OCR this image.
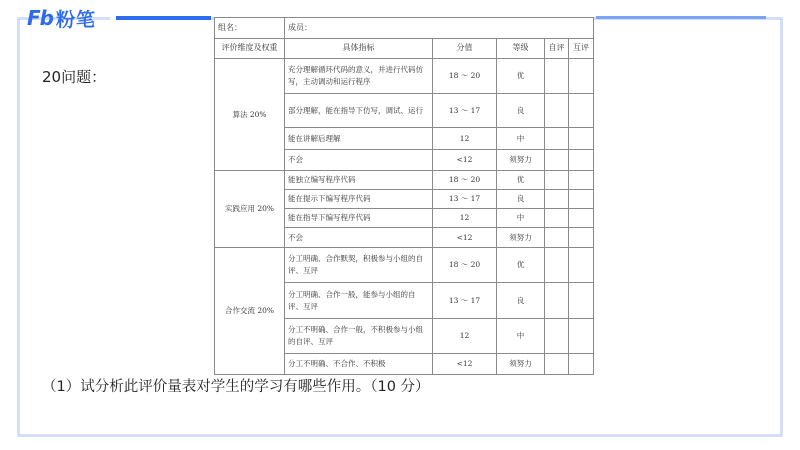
Fb 粉笔
20问题：
组名：	成员：				
评价维度及权重	具体指标	分值	等级	自评	互评
算法 20%	充分理解循环代码的意义，并进行代码仿写，主动调动和运行程序	18 ～ 20	优		
	部分理解，能在指导下仿写，调试、运行	13 ～ 17	良		
	能在讲解后理解	12	中		
	不会	<12	须努力		
实践应用 20%	能独立编写程序代码	18 ～ 20	优		
	能在提示下编写程序代码	13 ～ 17	良		
	能在指导下编写程序代码	12	中		
	不会	<12	须努力		
合作交流 20%	分工明确、合作默契，积极参与小组的自评、互评	18 ～ 20	优		
	分工明确、合作一般，能参与小组的自评、互评	13 ～ 17	良		
	分工不明确、合作一般，不积极参与小组的自评、互评	12	中		
	分工不明确、不合作、不积极	<12	须努力		
（1）试分析此评价量表对学生的学习有哪些作用。（10 分）
